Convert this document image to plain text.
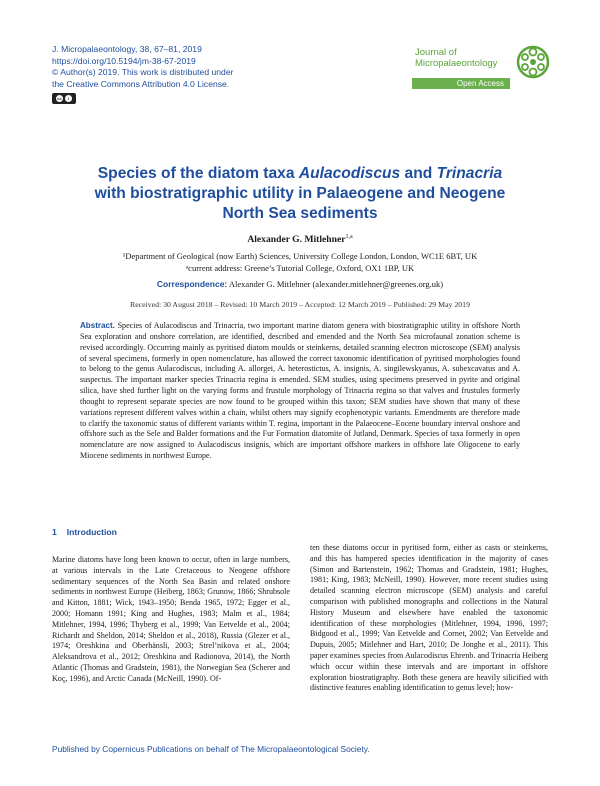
J. Micropalaeontology, 38, 67–81, 2019
https://doi.org/10.5194/jm-38-67-2019
© Author(s) 2019. This work is distributed under
the Creative Commons Attribution 4.0 License.
cc	i
Journal of
Micropalaeontology
Open Access
Species of the diatom taxa Aulacodiscus and Trinacria
with biostratigraphic utility in Palaeogene and Neogene
North Sea sediments
Alexander G. Mitlehner$^{1,a}$
¹Department of Geological (now Earth) Sciences, University College London, London, WC1E 6BT, UK
ᵃcurrent address: Greene’s Tutorial College, Oxford, OX1 1BP, UK
Correspondence: Alexander G. Mitlehner (alexander.mitlehner@greenes.org.uk)
Received: 30 August 2018 – Revised: 10 March 2019 – Accepted: 12 March 2019 – Published: 29 May 2019
Abstract. Species of Aulacodiscus and Trinacria, two important marine diatom genera with biostratigraphic utility in offshore North Sea exploration and onshore correlation, are identified, described and emended and the North Sea microfaunal zonation scheme is revised accordingly. Occurring mainly as pyritised diatom moulds or steinkerns, detailed scanning electron microscope (SEM) analysis of several specimens, formerly in open nomenclature, has allowed the correct taxonomic identification of pyritised morphologies found to belong to the genus Aulacodiscus, including A. allorgei, A. heterostictus, A. insignis, A. singilewskyanus, A. subexcavatus and A. suspectus. The important marker species Trinacria regina is emended. SEM studies, using specimens preserved in pyrite and original silica, have shed further light on the varying forms and frustule morphology of Trinacria regina so that valves and frustules formerly thought to represent separate species are now found to be grouped within this taxon; SEM studies have shown that many of these variations represent different valves within a chain, whilst others may signify ecophenotypic variants. Emendments are therefore made to clarify the taxonomic status of different variants within T. regina, important in the Palaeocene–Eocene boundary interval onshore and offshore such as the Sele and Balder formations and the Fur Formation diatomite of Jutland, Denmark. Species of taxa formerly in open nomenclature are now assigned to Aulacodiscus insignis, which are important offshore markers in offshore late Oligocene to early Miocene sediments in northwest Europe.
1 Introduction
Marine diatoms have long been known to occur, often in large numbers, at various intervals in the Late Cretaceous to Neogene offshore sedimentary sequences of the North Sea Basin and related onshore sediments in northwest Europe (Heiberg, 1863; Grunow, 1866; Shrubsole and Kitton, 1881; Wick, 1943–1950; Benda 1965, 1972; Egger et al., 2000; Homann 1991; King and Hughes, 1983; Malm et al., 1984; Mitlehner, 1994, 1996; Thyberg et al., 1999; Van Eetvelde et al., 2004; Richardt and Sheldon, 2014; Sheldon et al., 2018), Russia (Glezer et al., 1974; Oreshkina and Oberhänsli, 2003; Strel’nikova et al., 2004; Aleksandrova et al., 2012; Oreshkina and Radionova, 2014), the North Atlantic (Thomas and Gradstein, 1981), the Norwegian Sea (Scherer and Koç, 1996), and Arctic Canada (McNeill, 1990). Of-
ten these diatoms occur in pyritised form, either as casts or steinkerns, and this has hampered species identification in the majority of cases (Simon and Bartenstein, 1962; Thomas and Gradstein, 1981; Hughes, 1981; King, 1983; McNeill, 1990). However, more recent studies using detailed scanning electron microscope (SEM) analysis and careful comparison with published monographs and collections in the Natural History Museum and elsewhere have enabled the taxonomic identification of these morphologies (Mitlehner, 1994, 1996, 1997; Bidgood et al., 1999; Van Eetvelde and Cornet, 2002; Van Eetvelde and Dupuis, 2005; Mitlehner and Hart, 2010; De Jonghe et al., 2011). This paper examines species from Aulacodiscus Ehrenb. and Trinacria Heiberg which occur within these intervals and are important in offshore exploration biostratigraphy. Both these genera are heavily silicified with distinctive features enabling identification to genus level; how-
Published by Copernicus Publications on behalf of The Micropalaeontological Society.
